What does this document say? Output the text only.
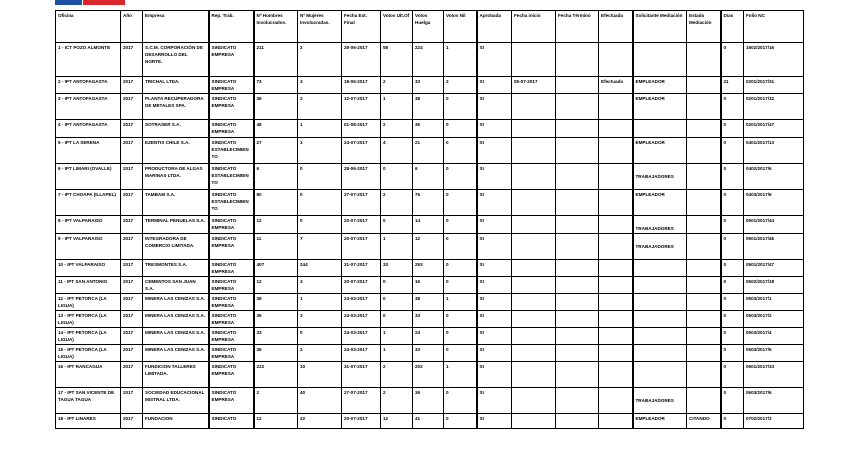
Oficina	Año	Empresa	Rep. Trab.	Nº Hombres Involucrados.	Nº Mujeres Involucradas.	Fecha Ext. Final	Votos Ult.Of	Votos Huelga	Votos Nil	Aprobada	Fecha inicio	Fecha Término	Efectuada	Solicitante Mediación	Estado Mediación	Días	Folio NC
1 - ICT POZO ALMONTE	2017	S.C.M. CORPORACIÓN DE DESARROLLO DEL NORTE.	SINDICATO EMPRESA	211	2	28-06-2017	58	224	1	SI						0	1602/2017/16
2 - IPT ANTOFAGASTA	2017	TRICHAL LTDA.	SINDICATO EMPRESA	73	3	18-06-2017	2	33	2	SI	05-07-2017		Efectuada	EMPLEADOR		21	0201/2017/31
3 - IPT ANTOFAGASTA	2017	PLANTA RECUPERADORA DE METALES SPA.	SINDICATO EMPRESA	36	2	12-07-2017	1	38	0	SI				EMPLEADOR		0	0201/2017/32
4 - IPT ANTOFAGASTA	2017	SOTRASER S.A.	SINDICATO EMPRESA	48	1	01-08-2017	2	36	0	SI						0	0201/2017/47
5 - IPT LA SERENA	2017	EZENTIS CHILE S.A.	SINDICATO ESTABLECIMIENTO	27	1	24-07-2017	4	21	0	SI				EMPLEADOR		0	0401/2017/13
6 - IPT LIMARI (OVALLE)	2017	PRODUCTORA DE ALGAS MARINAS LTDA.	SINDICATO ESTABLECIMIENTO	6	0	28-06-2017	0	6	0	SI				TRABAJADORES		0	0402/2017/6
7 - IPT CHOAPA (ILLAPEL)	2017	TAMBAM S.A.	SINDICATO ESTABLECIMIENTO	80	0	27-07-2017	2	76	0	SI				EMPLEADOR		0	0403/2017/6
8 - IPT VALPARAISO	2017	TERMINAL PENUELAS S.A.	SINDICATO EMPRESA	12	0	20-07-2017	0	14	0	SI				TRABAJADORES		0	0501/2017/44
9 - IPT VALPARAISO	2017	INTEGRADORA DE COMERCIO LIMITADA.	SINDICATO EMPRESA	11	7	20-07-2017	1	12	0	SI				TRABAJADORES		0	0501/2017/46
10 - IPT VALPARAISO	2017	TRESMONTES S.A.	SINDICATO EMPRESA	407	244	31-07-2017	33	293	0	SI						0	0501/2017/47
11 - IPT SAN ANTONIO	2017	CEMENTOS SAN JUAN S.A.	SINDICATO EMPRESA	12	3	20-07-2017	0	16	0	SI						0	0502/2017/18
12 - IPT PETORCA (LA LIGUA)	2017	MINERA LAS CENIZAS S.A.	SINDICATO EMPRESA	38	1	24-03-2017	0	38	1	SI						0	0503/2017/1
13 - IPT PETORCA (LA LIGUA)	2017	MINERA LAS CENIZAS S.A.	SINDICATO EMPRESA	36	3	24-03-2017	0	33	0	SI						0	0503/2017/2
14 - IPT PETORCA (LA LIGUA)	2017	MINERA LAS CENIZAS S.A.	SINDICATO EMPRESA	33	0	24-03-2017	1	24	0	SI						0	0503/2017/4
15 - IPT PETORCA (LA LIGUA)	2017	MINERA LAS CENIZAS S.A.	SINDICATO EMPRESA	36	2	24-03-2017	1	33	0	SI						0	0503/2017/5
16 - IPT RANCAGUA	2017	FUNDICION TALLERES LIMITADA.	SINDICATO EMPRESA	222	10	31-07-2017	2	202	1	SI						0	0601/2017/33
17 - IPT SAN VICENTE DE TAGUA TAGUA	2017	SOCIEDAD EDUCACIONAL MISTRAL LTDA.	SINDICATO EMPRESA	2	40	27-07-2017	2	36	0	SI				TRABAJADORES		0	0603/2017/6
18 - IPT LINARES	2017	FUNDACION	SINDICATO	12	22	20-07-2017	12	41	0	SI				EMPLEADOR	CITANDO	0	0702/2017/3
